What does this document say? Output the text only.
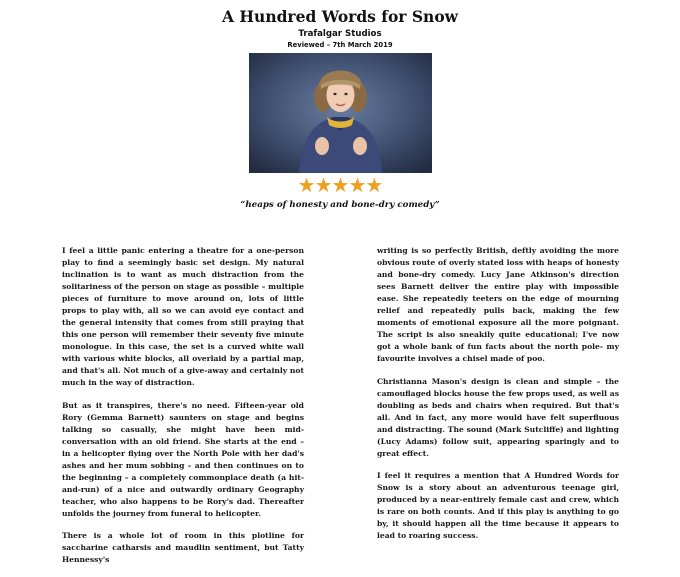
A Hundred Words for Snow
Trafalgar Studios
Reviewed – 7th March 2019
★★★★★
“heaps of honesty and bone-dry comedy”

I feel a little panic entering a theatre for a one-person play to find a seemingly basic set design. My natural inclination is to want as much distraction from the solitariness of the person on stage as possible – multiple pieces of furniture to move around on, lots of little props to play with, all so we can avoid eye contact and the general intensity that comes from still praying that this one person will remember their seventy five minute monologue. In this case, the set is a curved white wall with various white blocks, all overlaid by a partial map, and that's all. Not much of a give-away and certainly not much in the way of distraction.

But as it transpires, there's no need. Fifteen-year old Rory (Gemma Barnett) saunters on stage and begins talking so casually, she might have been mid-conversation with an old friend. She starts at the end – in a helicopter flying over the North Pole with her dad's ashes and her mum sobbing – and then continues on to the beginning – a completely commonplace death (a hit-and-run) of a nice and outwardly ordinary Geography teacher, who also happens to be Rory's dad. Thereafter unfolds the journey from funeral to helicopter.

There is a whole lot of room in this plotline for saccharine catharsis and maudlin sentiment, but Tatty Hennessy's

writing is so perfectly British, deftly avoiding the more obvious route of overly stated loss with heaps of honesty and bone-dry comedy. Lucy Jane Atkinson's direction sees Barnett deliver the entire play with impossible ease. She repeatedly teeters on the edge of mourning relief and repeatedly pulls back, making the few moments of emotional exposure all the more poignant. The script is also sneakily quite educational; I've now got a whole bank of fun facts about the north pole- my favourite involves a chisel made of poo.

Christianna Mason's design is clean and simple – the camouflaged blocks house the few props used, as well as doubling as beds and chairs when required. But that's all. And in fact, any more would have felt superfluous and distracting. The sound (Mark Sutcliffe) and lighting (Lucy Adams) follow suit, appearing sparingly and to great effect.

I feel it requires a mention that A Hundred Words for Snow is a story about an adventurous teenage girl, produced by a near-entirely female cast and crew, which is rare on both counts. And if this play is anything to go by, it should happen all the time because it appears to lead to roaring success.
